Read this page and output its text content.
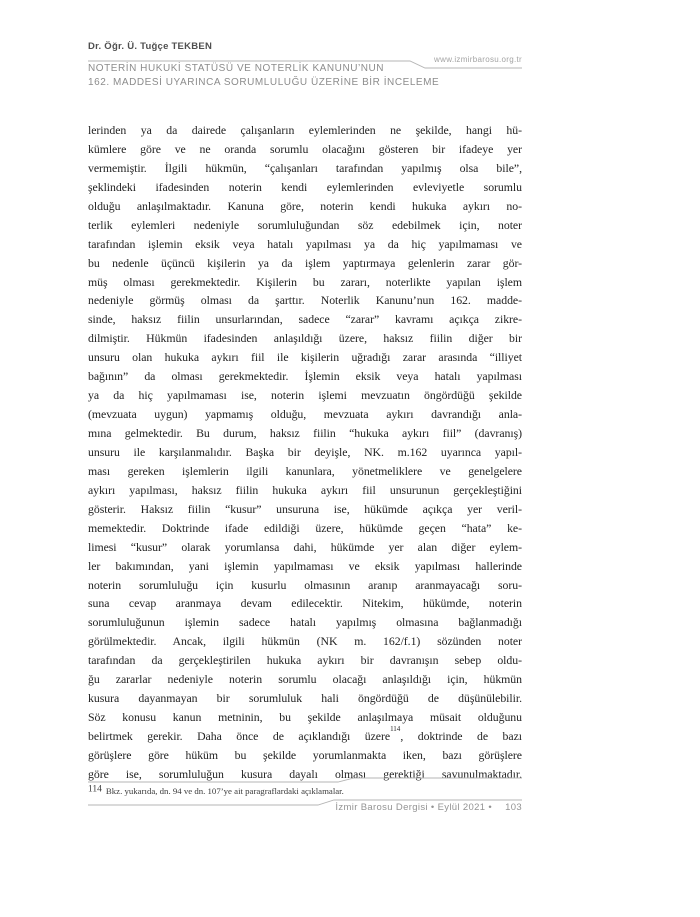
Dr. Öğr. Ü. Tuğçe TEKBEN
www.izmirbarosu.org.tr
NOTERİN HUKUKİ STATÜSÜ VE NOTERLİK KANUNU’NUN
162. MADDESİ UYARINCA SORUMLULUĞU ÜZERİNE BİR İNCELEME
lerinden ya da dairede çalışanların eylemlerinden ne şekilde, hangi hü-
kümlere göre ve ne oranda sorumlu olacağını gösteren bir ifadeye yer
vermemiştir. İlgili hükmün, “çalışanları tarafından yapılmış olsa bile”,
şeklindeki ifadesinden noterin kendi eylemlerinden evleviyetle sorumlu
olduğu anlaşılmaktadır. Kanuna göre, noterin kendi hukuka aykırı no-
terlik eylemleri nedeniyle sorumluluğundan söz edebilmek için, noter
tarafından işlemin eksik veya hatalı yapılması ya da hiç yapılmaması ve
bu nedenle üçüncü kişilerin ya da işlem yaptırmaya gelenlerin zarar gör-
müş olması gerekmektedir. Kişilerin bu zararı, noterlikte yapılan işlem
nedeniyle görmüş olması da şarttır. Noterlik Kanunu’nun 162. madde-
sinde, haksız fiilin unsurlarından, sadece “zarar” kavramı açıkça zikre-
dilmiştir. Hükmün ifadesinden anlaşıldığı üzere, haksız fiilin diğer bir
unsuru olan hukuka aykırı fiil ile kişilerin uğradığı zarar arasında “illiyet
bağının” da olması gerekmektedir. İşlemin eksik veya hatalı yapılması
ya da hiç yapılmaması ise, noterin işlemi mevzuatın öngördüğü şekilde
(mevzuata uygun) yapmamış olduğu, mevzuata aykırı davrandığı anla-
mına gelmektedir. Bu durum, haksız fiilin “hukuka aykırı fiil” (davranış)
unsuru ile karşılanmalıdır. Başka bir deyişle, NK. m.162 uyarınca yapıl-
ması gereken işlemlerin ilgili kanunlara, yönetmeliklere ve genelgelere
aykırı yapılması, haksız fiilin hukuka aykırı fiil unsurunun gerçekleştiğini
gösterir. Haksız fiilin “kusur” unsuruna ise, hükümde açıkça yer veril-
memektedir. Doktrinde ifade edildiği üzere, hükümde geçen “hata” ke-
limesi “kusur” olarak yorumlansa dahi, hükümde yer alan diğer eylem-
ler bakımından, yani işlemin yapılmaması ve eksik yapılması hallerinde
noterin sorumluluğu için kusurlu olmasının aranıp aranmayacağı soru-
suna cevap aranmaya devam edilecektir. Nitekim, hükümde, noterin
sorumluluğunun işlemin sadece hatalı yapılmış olmasına bağlanmadığı
görülmektedir. Ancak, ilgili hükmün (NK m. 162/f.1) sözünden noter
tarafından da gerçekleştirilen hukuka aykırı bir davranışın sebep oldu-
ğu zararlar nedeniyle noterin sorumlu olacağı anlaşıldığı için, hükmün
kusura dayanmayan bir sorumluluk hali öngördüğü de düşünülebilir.
Söz konusu kanun metninin, bu şekilde anlaşılmaya müsait olduğunu
belirtmek gerekir. Daha önce de açıklandığı üzere$^{114}$, doktrinde de bazı
görüşlere göre hüküm bu şekilde yorumlanmakta iken, bazı görüşlere
göre ise, sorumluluğun kusura dayalı olması gerektiği savunulmaktadır.
114 Bkz. yukarıda, dn. 94 ve dn. 107’ye ait paragraflardaki açıklamalar.
İzmir Barosu Dergisi • Eylül 2021 • 103
